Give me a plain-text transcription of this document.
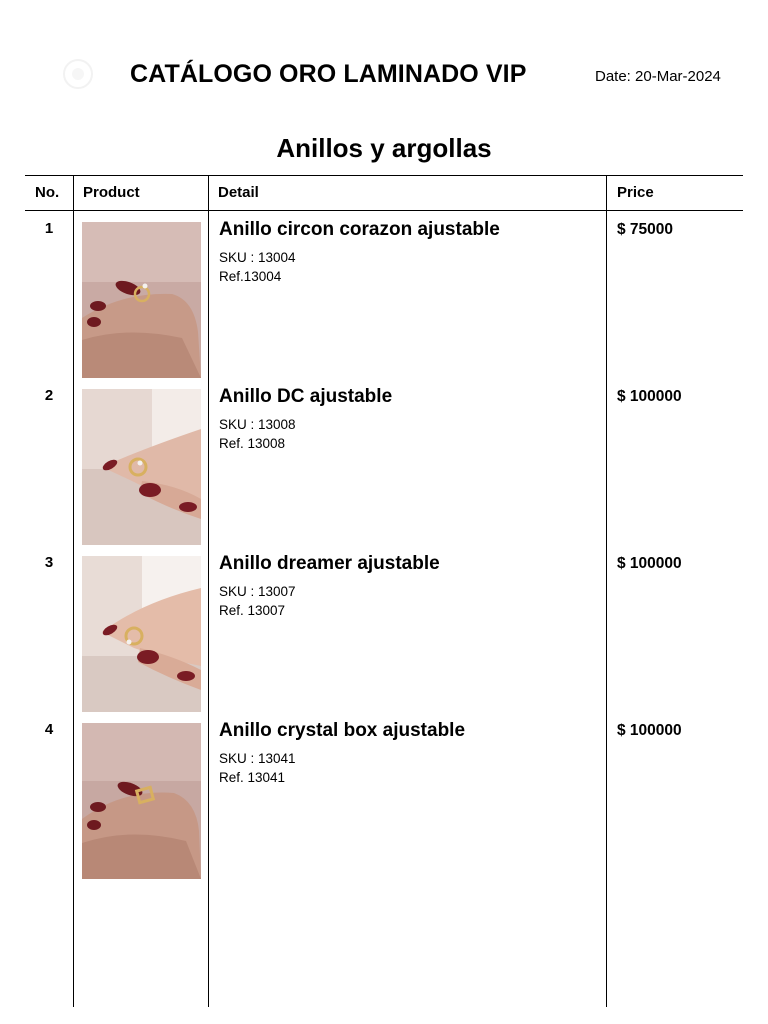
CATÁLOGO ORO LAMINADO VIP	Date: 20-Mar-2024
Anillos y argollas
No. Product	Detail	Price
1	Anillo circon corazon ajustable
SKU : 13004
Ref.13004
$ 75000
2	Anillo DC ajustable
SKU : 13008
Ref. 13008
$ 100000
3	Anillo dreamer ajustable
SKU : 13007
Ref. 13007
$ 100000
4	Anillo crystal box ajustable
SKU : 13041
Ref. 13041
$ 100000
